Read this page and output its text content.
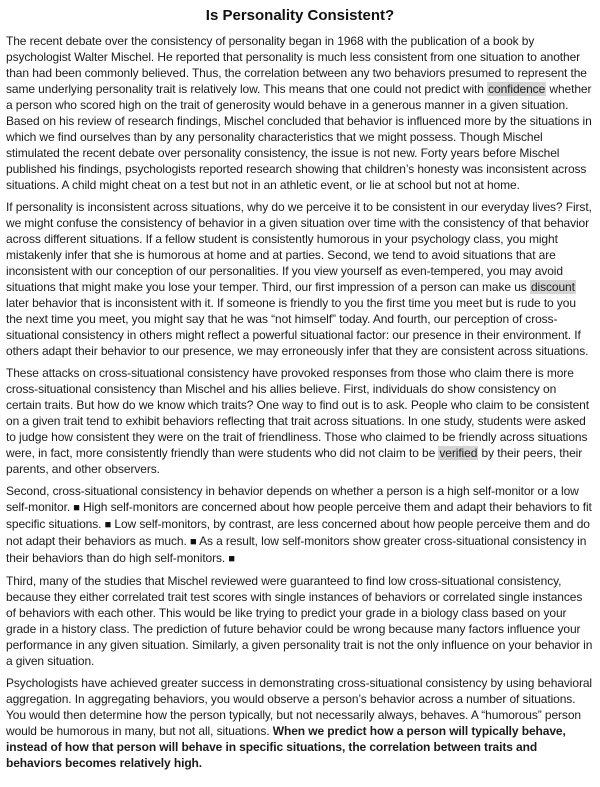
Is Personality Consistent?

The recent debate over the consistency of personality began in 1968 with the publication of a book by psychologist Walter Mischel. He reported that personality is much less consistent from one situation to another than had been commonly believed. Thus, the correlation between any two behaviors presumed to represent the same underlying personality trait is relatively low. This means that one could not predict with confidence whether a person who scored high on the trait of generosity would behave in a generous manner in a given situation. Based on his review of research findings, Mischel concluded that behavior is influenced more by the situations in which we find ourselves than by any personality characteristics that we might possess. Though Mischel stimulated the recent debate over personality consistency, the issue is not new. Forty years before Mischel published his findings, psychologists reported research showing that children’s honesty was inconsistent across situations. A child might cheat on a test but not in an athletic event, or lie at school but not at home.

If personality is inconsistent across situations, why do we perceive it to be consistent in our everyday lives? First, we might confuse the consistency of behavior in a given situation over time with the consistency of that behavior across different situations. If a fellow student is consistently humorous in your psychology class, you might mistakenly infer that she is humorous at home and at parties. Second, we tend to avoid situations that are inconsistent with our conception of our personalities. If you view yourself as even-tempered, you may avoid situations that might make you lose your temper. Third, our first impression of a person can make us discount later behavior that is inconsistent with it. If someone is friendly to you the first time you meet but is rude to you the next time you meet, you might say that he was “not himself” today. And fourth, our perception of cross-situational consistency in others might reflect a powerful situational factor: our presence in their environment. If others adapt their behavior to our presence, we may erroneously infer that they are consistent across situations.

These attacks on cross-situational consistency have provoked responses from those who claim there is more cross-situational consistency than Mischel and his allies believe. First, individuals do show consistency on certain traits. But how do we know which traits? One way to find out is to ask. People who claim to be consistent on a given trait tend to exhibit behaviors reflecting that trait across situations. In one study, students were asked to judge how consistent they were on the trait of friendliness. Those who claimed to be friendly across situations were, in fact, more consistently friendly than were students who did not claim to be verified by their peers, their parents, and other observers.

Second, cross-situational consistency in behavior depends on whether a person is a high self-monitor or a low self-monitor. ■ High self-monitors are concerned about how people perceive them and adapt their behaviors to fit specific situations. ■ Low self-monitors, by contrast, are less concerned about how people perceive them and do not adapt their behaviors as much. ■ As a result, low self-monitors show greater cross-situational consistency in their behaviors than do high self-monitors. ■

Third, many of the studies that Mischel reviewed were guaranteed to find low cross-situational consistency, because they either correlated trait test scores with single instances of behaviors or correlated single instances of behaviors with each other. This would be like trying to predict your grade in a biology class based on your grade in a history class. The prediction of future behavior could be wrong because many factors influence your performance in any given situation. Similarly, a given personality trait is not the only influence on your behavior in a given situation.

Psychologists have achieved greater success in demonstrating cross-situational consistency by using behavioral aggregation. In aggregating behaviors, you would observe a person’s behavior across a number of situations. You would then determine how the person typically, but not necessarily always, behaves. A “humorous” person would be humorous in many, but not all, situations. When we predict how a person will typically behave, instead of how that person will behave in specific situations, the correlation between traits and behaviors becomes relatively high.
